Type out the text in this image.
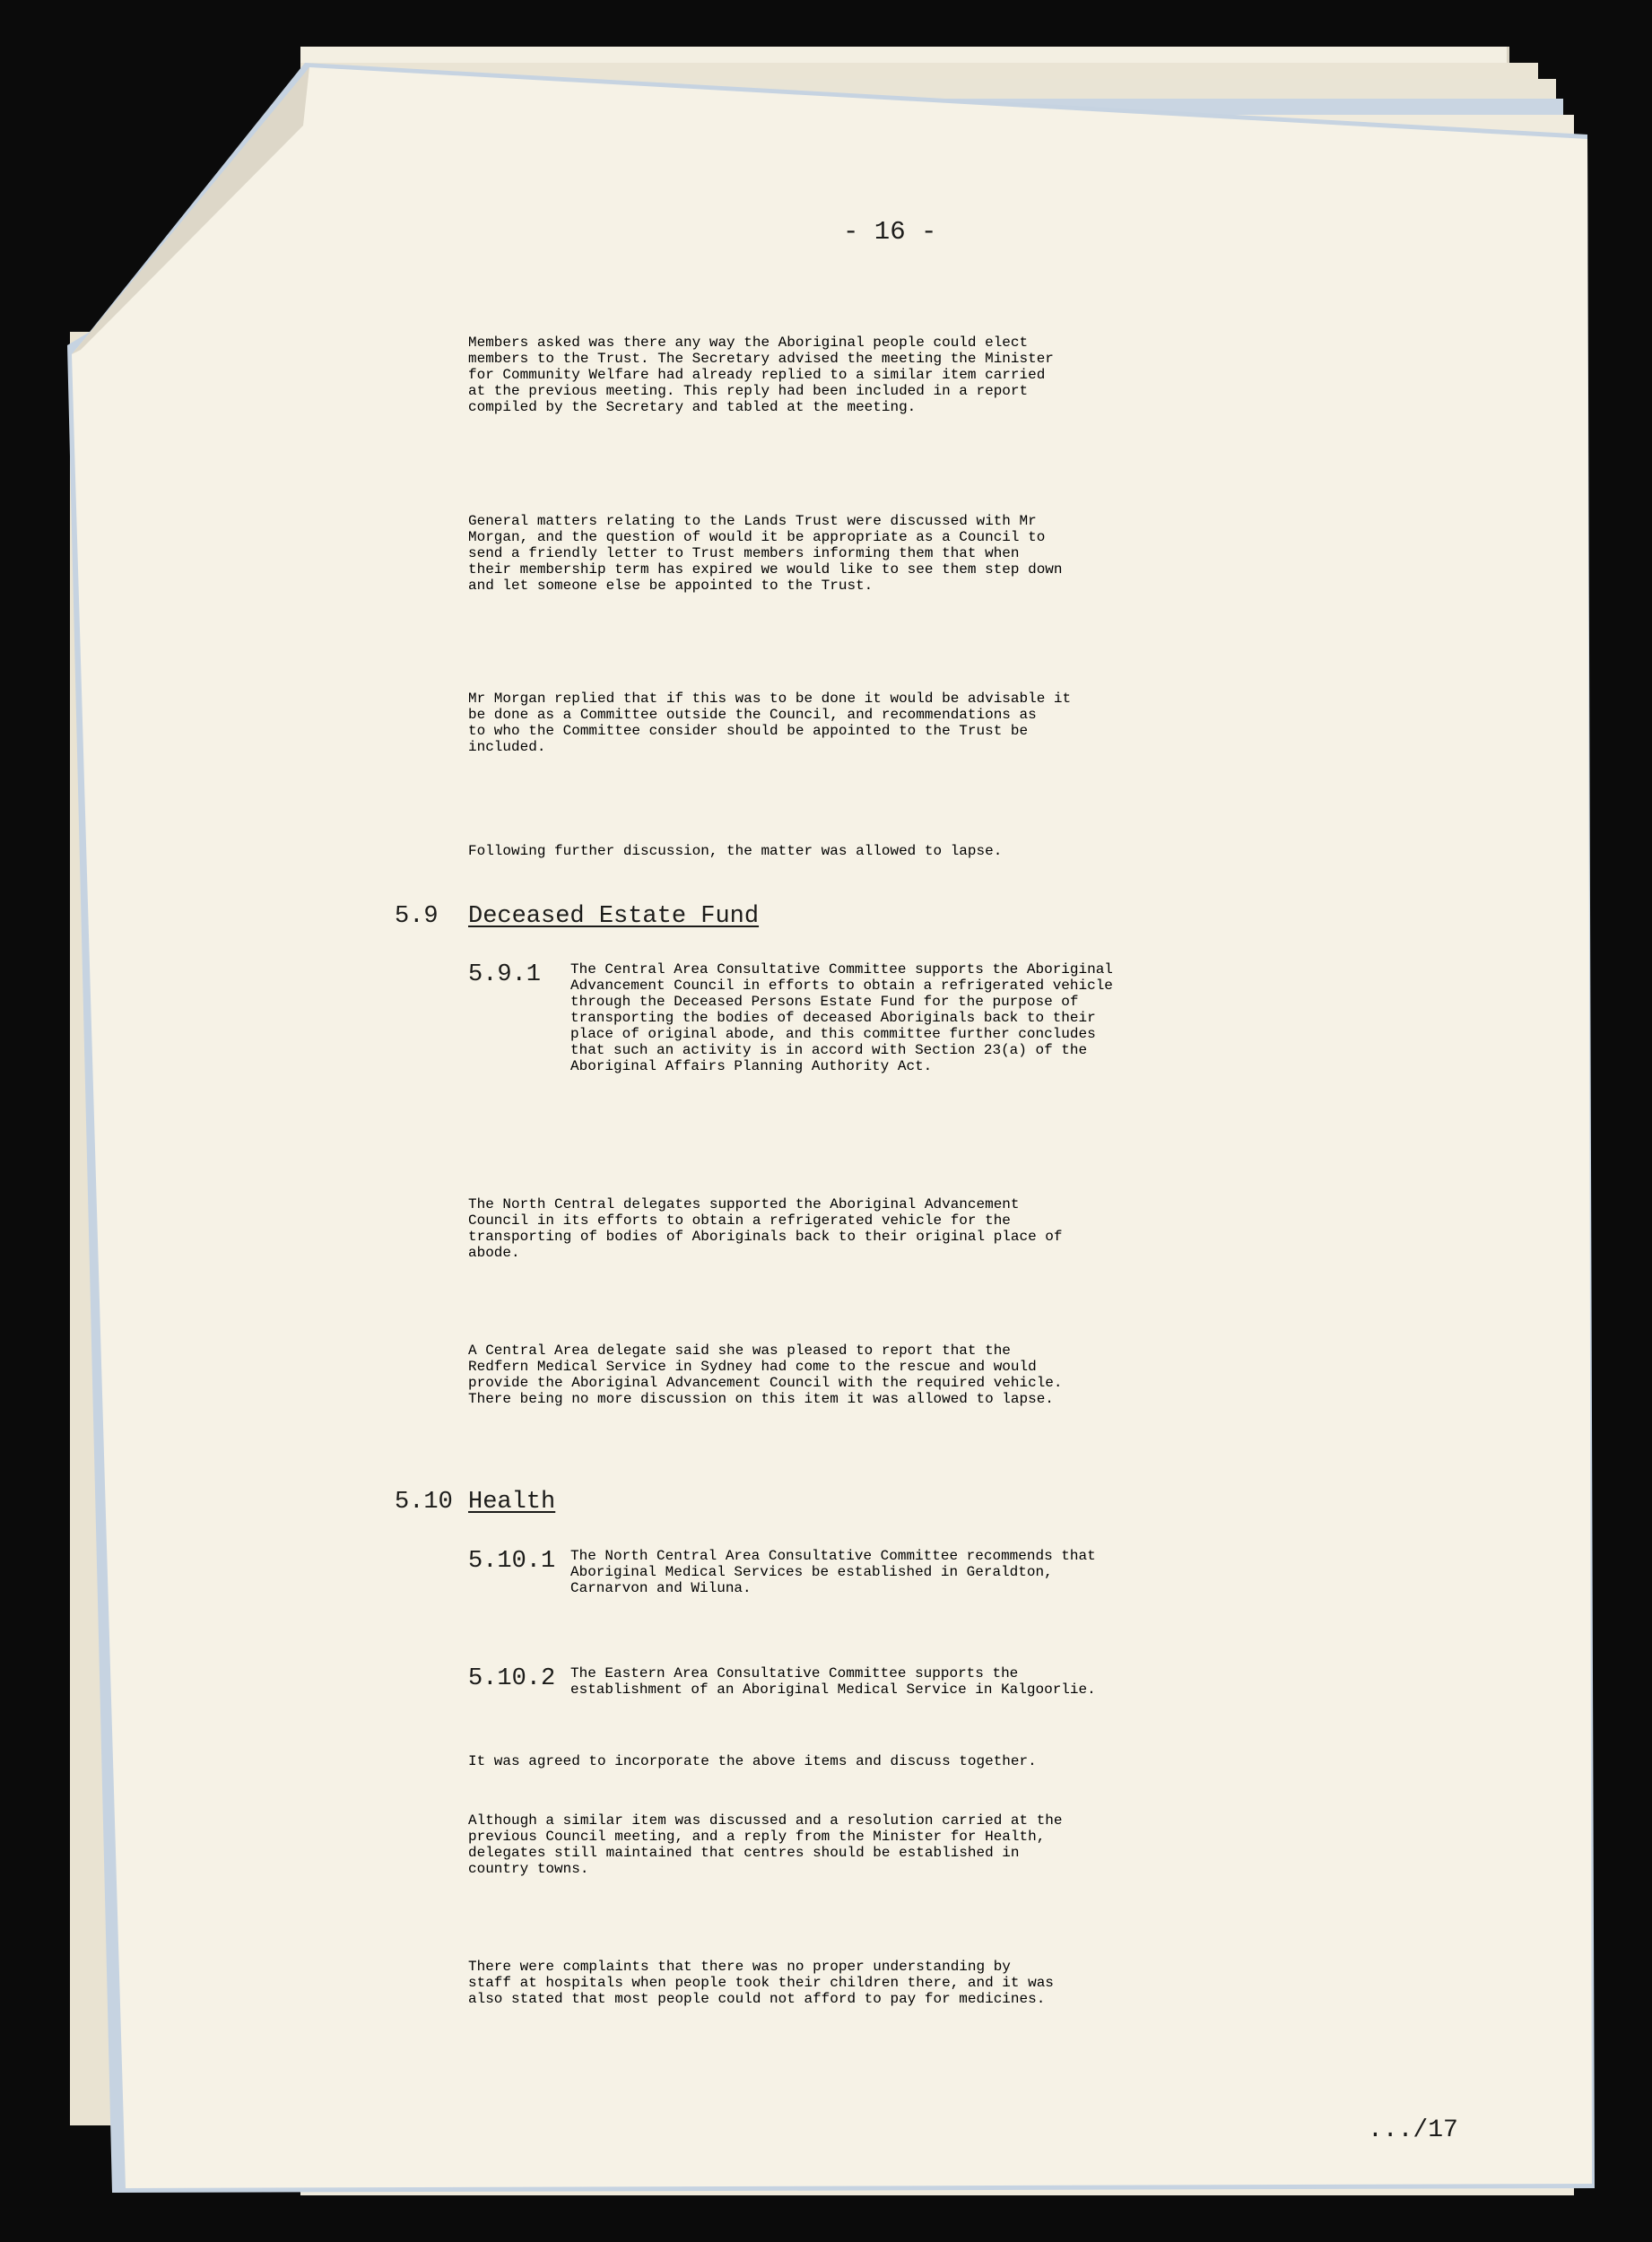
- 16 -
Members asked was there any way the Aboriginal people could elect
members to the Trust. The Secretary advised the meeting the Minister
for Community Welfare had already replied to a similar item carried
at the previous meeting. This reply had been included in a report
compiled by the Secretary and tabled at the meeting.
General matters relating to the Lands Trust were discussed with Mr
Morgan, and the question of would it be appropriate as a Council to
send a friendly letter to Trust members informing them that when
their membership term has expired we would like to see them step down
and let someone else be appointed to the Trust.
Mr Morgan replied that if this was to be done it would be advisable it
be done as a Committee outside the Council, and recommendations as
to who the Committee consider should be appointed to the Trust be
included.
Following further discussion, the matter was allowed to lapse.
5.9 Deceased Estate Fund
5.9.1 The Central Area Consultative Committee supports the Aboriginal
Advancement Council in efforts to obtain a refrigerated vehicle
through the Deceased Persons Estate Fund for the purpose of
transporting the bodies of deceased Aboriginals back to their
place of original abode, and this committee further concludes
that such an activity is in accord with Section 23(a) of the
Aboriginal Affairs Planning Authority Act.
The North Central delegates supported the Aboriginal Advancement
Council in its efforts to obtain a refrigerated vehicle for the
transporting of bodies of Aboriginals back to their original place of
abode.
A Central Area delegate said she was pleased to report that the
Redfern Medical Service in Sydney had come to the rescue and would
provide the Aboriginal Advancement Council with the required vehicle.
There being no more discussion on this item it was allowed to lapse.
5.10 Health
5.10.1 The North Central Area Consultative Committee recommends that
Aboriginal Medical Services be established in Geraldton,
Carnarvon and Wiluna.
5.10.2 The Eastern Area Consultative Committee supports the
establishment of an Aboriginal Medical Service in Kalgoorlie.
It was agreed to incorporate the above items and discuss together.
Although a similar item was discussed and a resolution carried at the
previous Council meeting, and a reply from the Minister for Health,
delegates still maintained that centres should be established in
country towns.
There were complaints that there was no proper understanding by
staff at hospitals when people took their children there, and it was
also stated that most people could not afford to pay for medicines.
.../17
